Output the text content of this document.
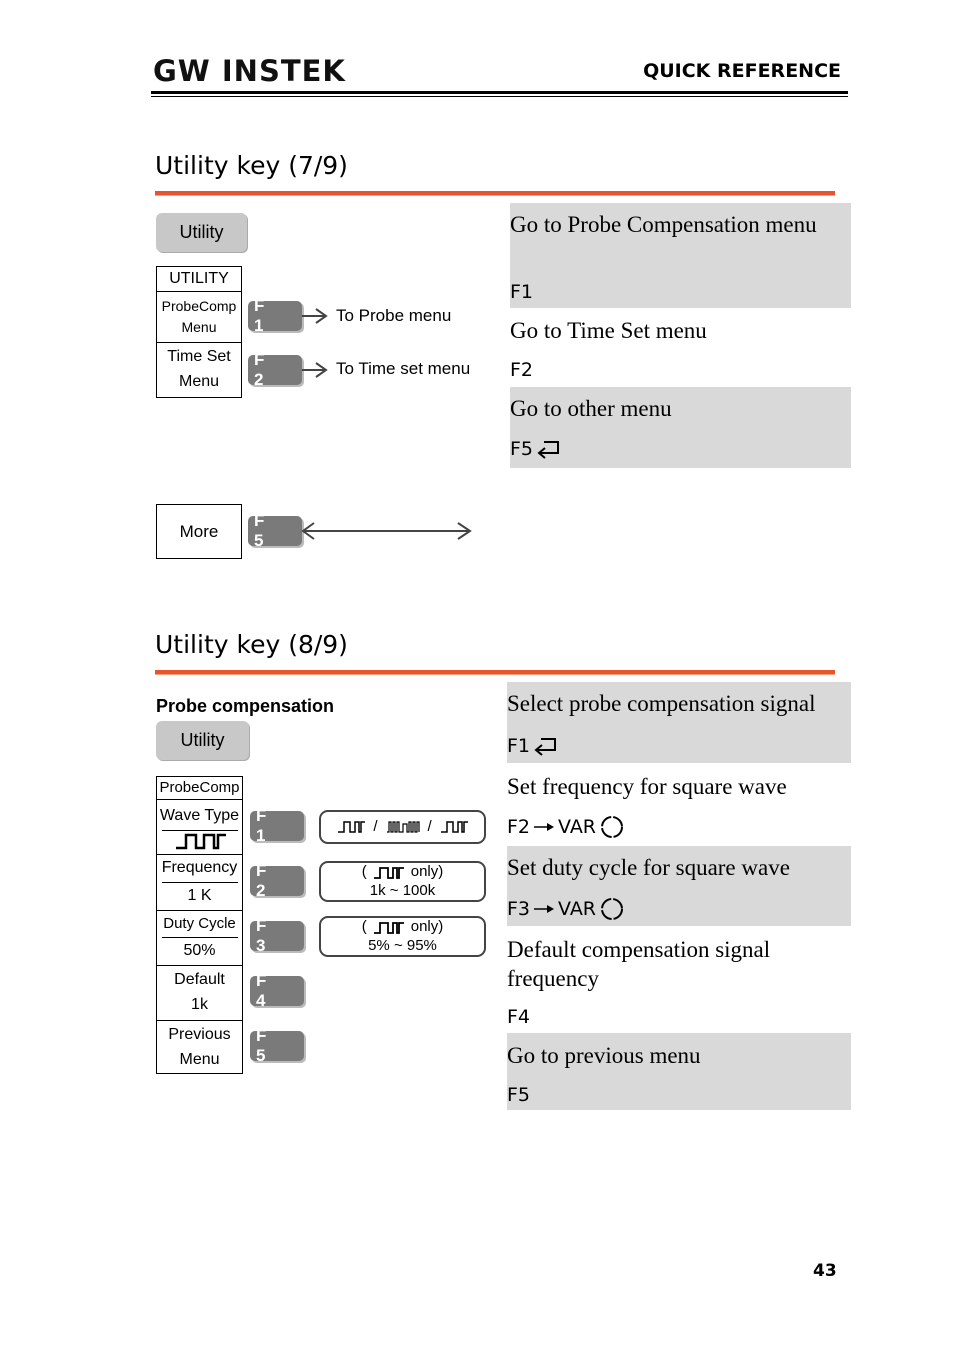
GW INSTEK	QUICK REFERENCE
Utility key (7/9)
Utility
UTILITY
ProbeComp
Menu
Time Set
Menu
F 1
To Probe menu
F 2
To Time set menu
More
F 5
Go to Probe Compensation menu
F1
Go to Time Set menu
F2
Go to other menu
F5
Utility key (8/9)
Probe compensation
Utility
ProbeComp
Wave Type
Frequency
1 K
Duty Cycle
50%
Default
1k
Previous
Menu
F 1
F 2
F 3
F 4
F 5
/	/
(	only)
1k ~ 100k
(	only)
5% ~ 95%
Select probe compensation signal
F1
Set frequency for square wave
F2 VAR
Set duty cycle for square wave
F3 VAR
Default compensation signal frequency
F4
Go to previous menu
F5
43
